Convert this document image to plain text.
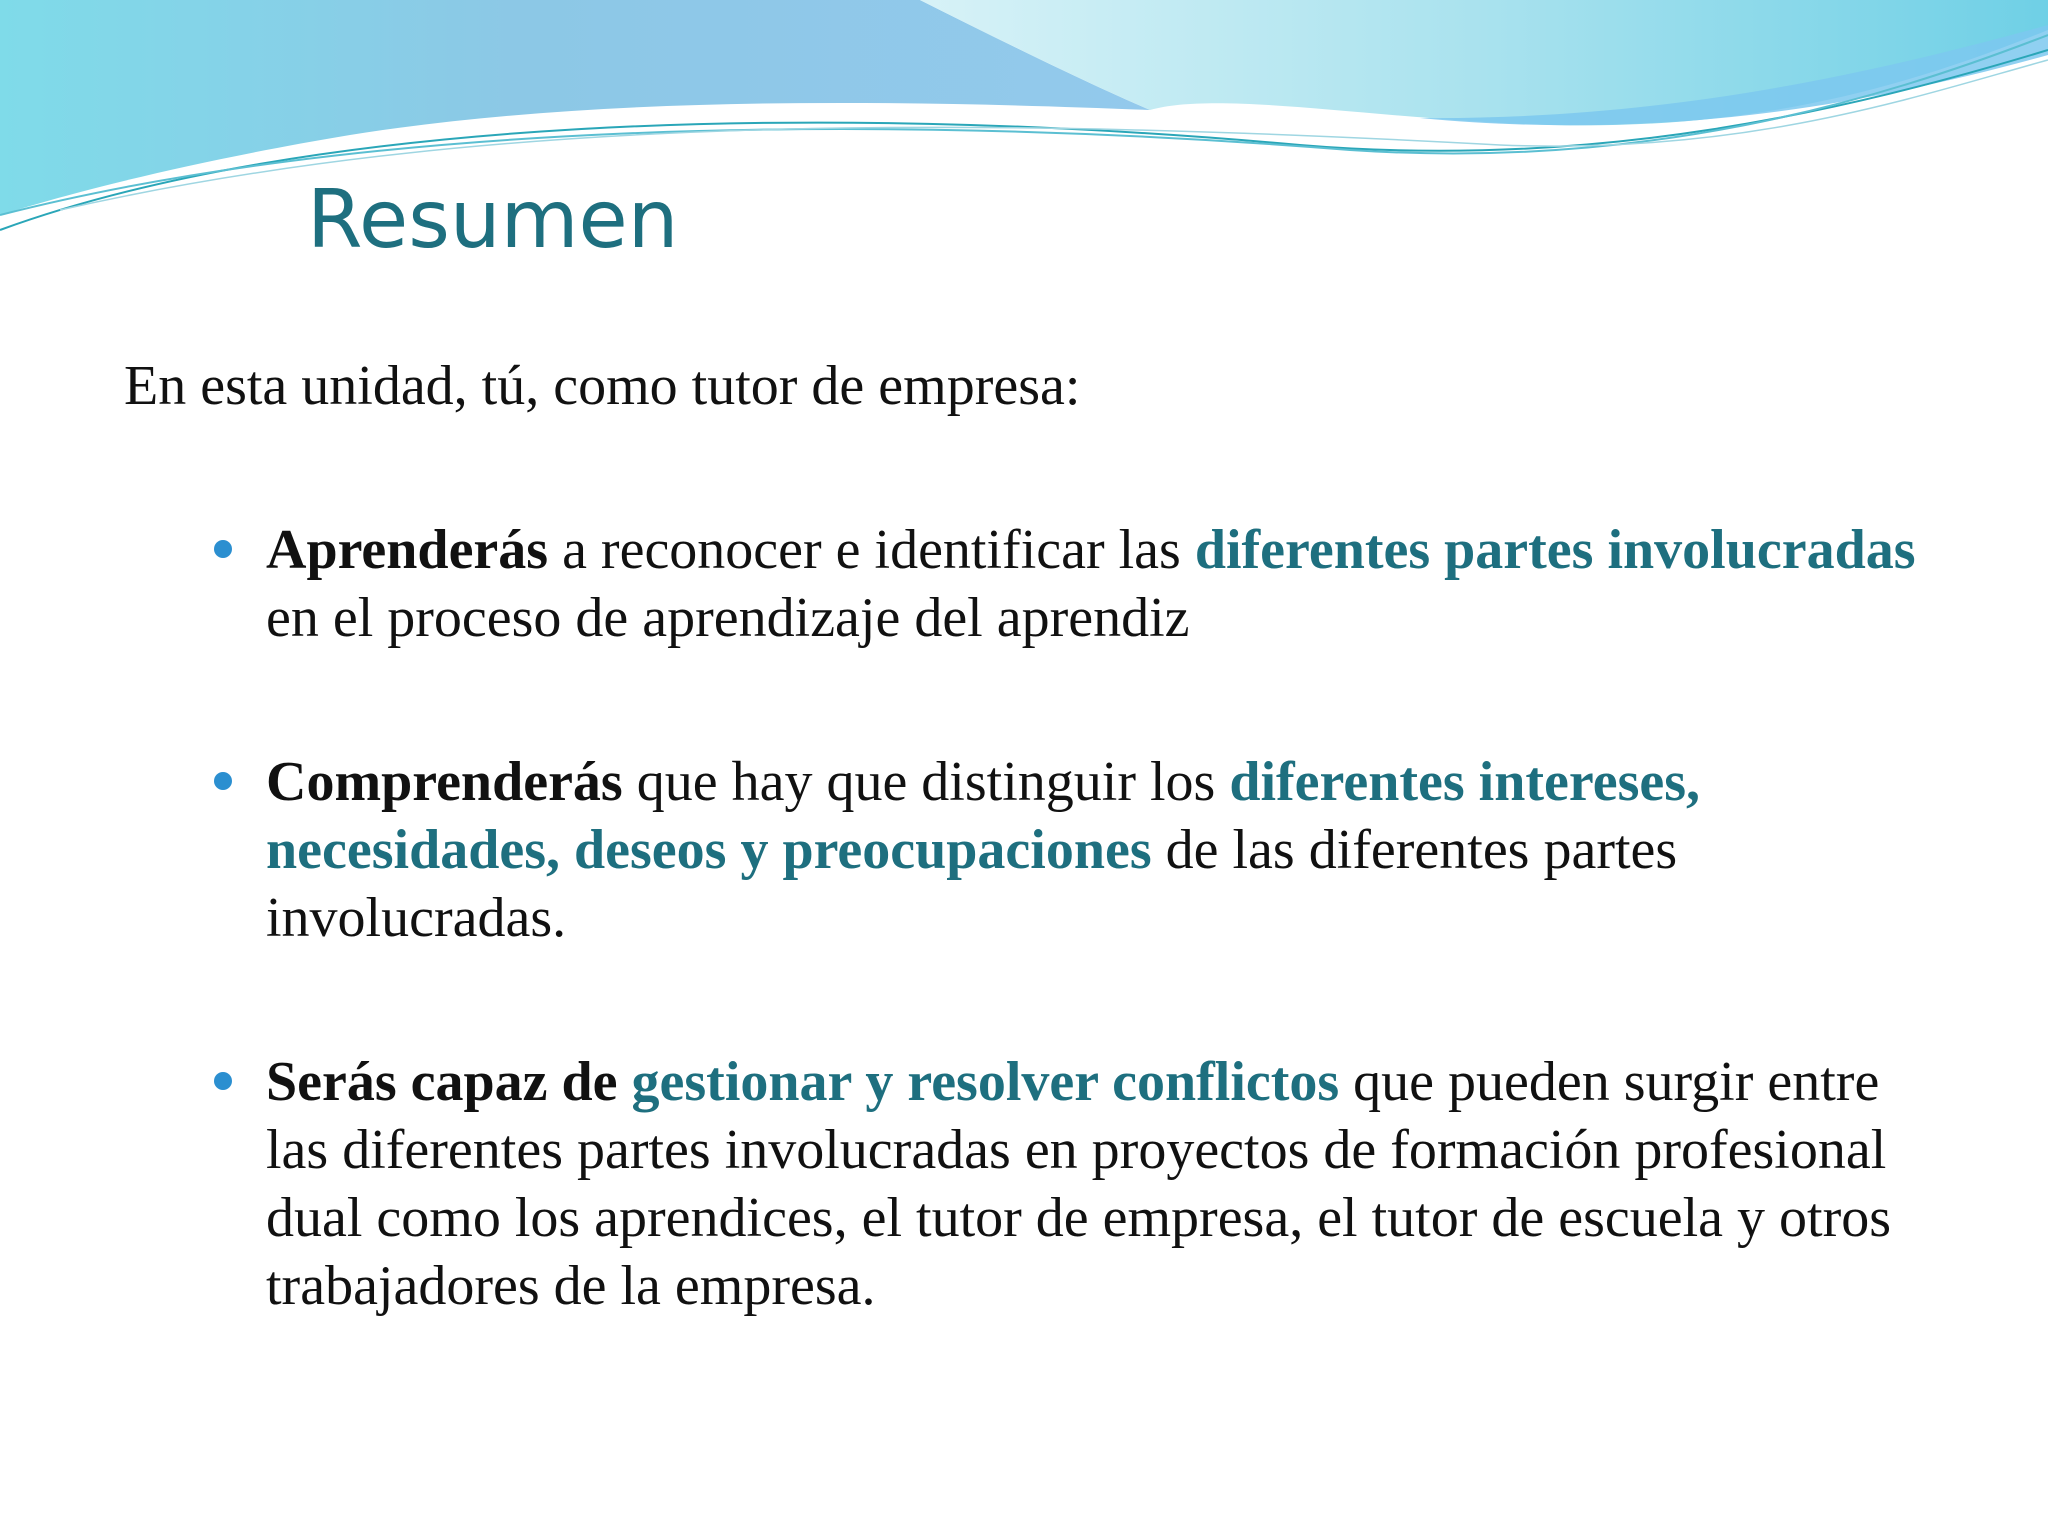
Resumen

En esta unidad, tú, como tutor de empresa:

Aprenderás a reconocer e identificar las diferentes partes involucradas en el proceso de aprendizaje del aprendiz
Comprenderás que hay que distinguir los diferentes intereses, necesidades, deseos y preocupaciones de las diferentes partes involucradas.
Serás capaz de gestionar y resolver conflictos que pueden surgir entre las diferentes partes involucradas en proyectos de formación profesional dual como los aprendices, el tutor de empresa, el tutor de escuela y otros trabajadores de la empresa.
